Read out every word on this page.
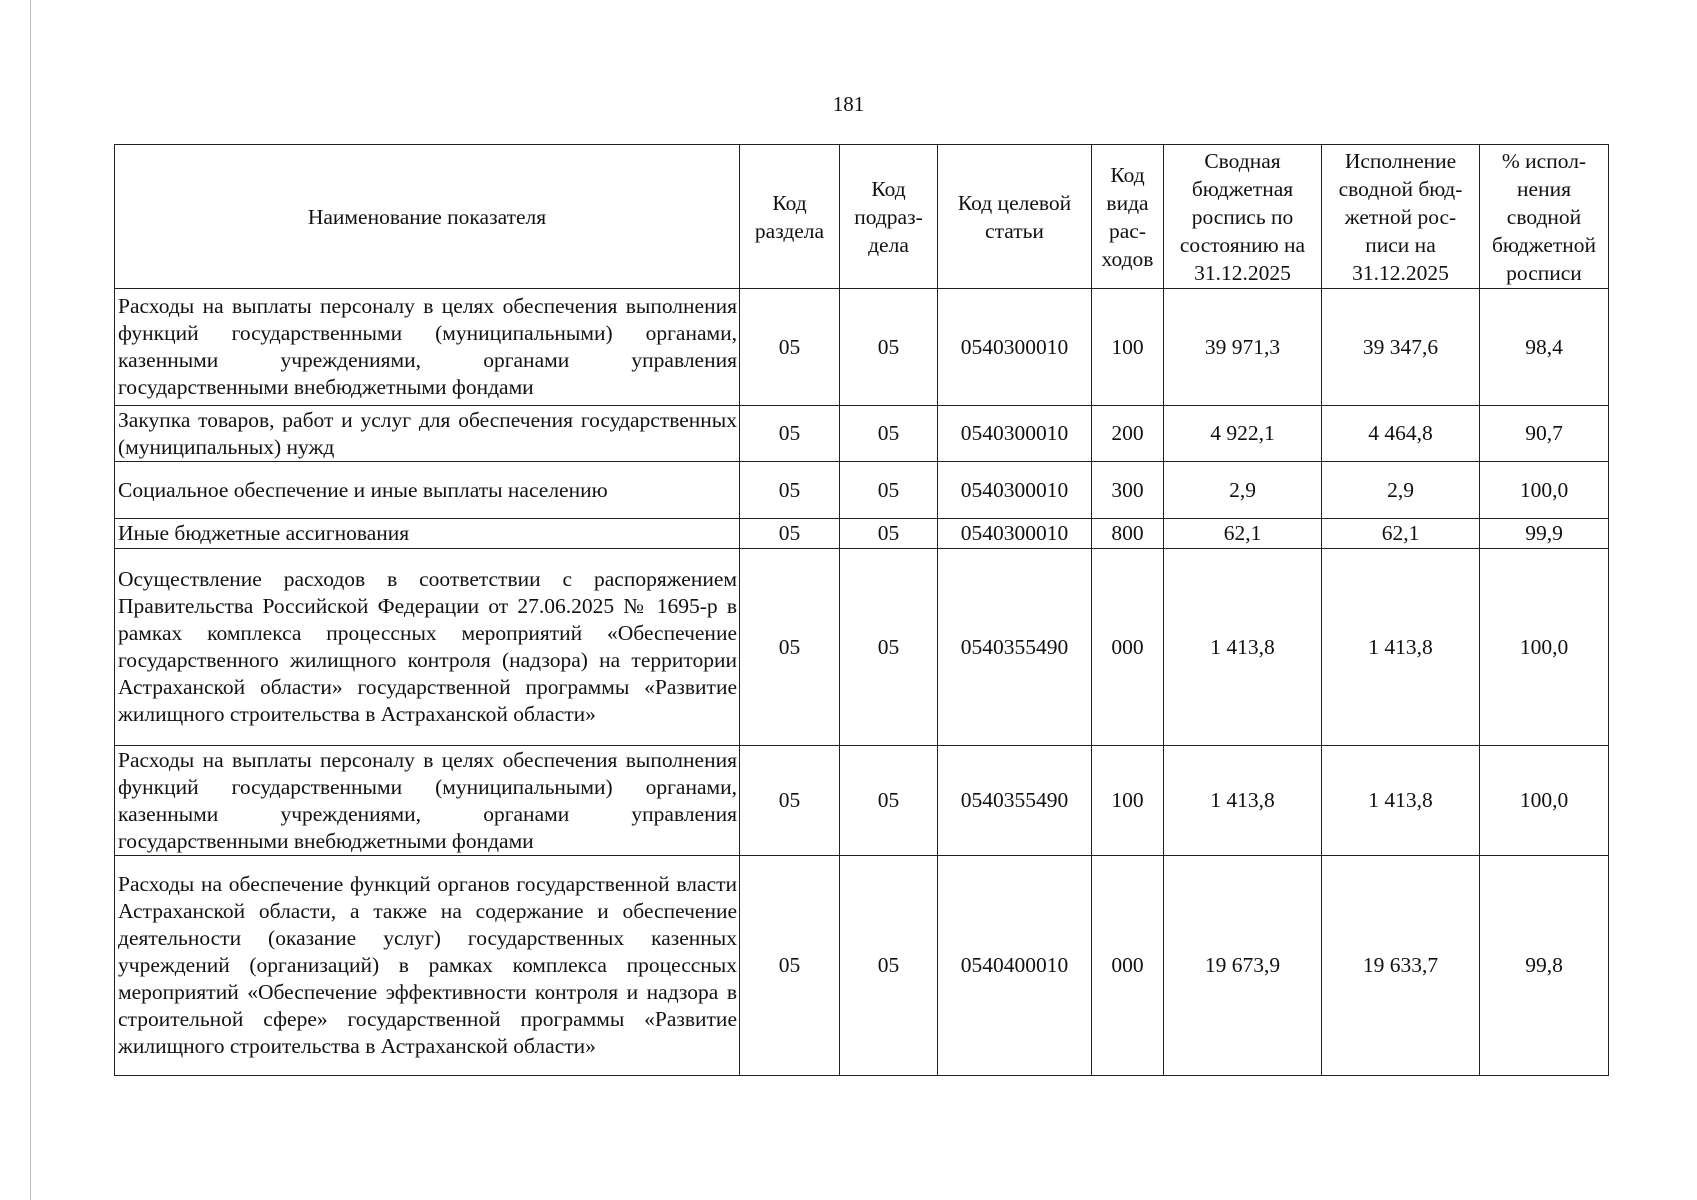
181
Наименование показателя	Код раздела	Код подраз- дела	Код целевой статьи	Код вида рас- ходов	Сводная бюджетная роспись по состоянию на 31.12.2025	Исполнение сводной бюд- жетной рос- писи на 31.12.2025	% испол- нения сводной бюджетной росписи
Расходы на выплаты персоналу в целях обеспечения выполнения функций государственными (муниципальными) органами, казенными учреждениями, органами управления государственными внебюджетными фондами	05	05	0540300010	100	39 971,3	39 347,6	98,4
Закупка товаров, работ и услуг для обеспечения государственных (муниципальных) нужд	05	05	0540300010	200	4 922,1	4 464,8	90,7
Социальное обеспечение и иные выплаты населению	05	05	0540300010	300	2,9	2,9	100,0
Иные бюджетные ассигнования	05	05	0540300010	800	62,1	62,1	99,9
Осуществление расходов в соответствии с распоряжением Правительства Российской Федерации от 27.06.2025 № 1695-р в рамках комплекса процессных мероприятий «Обеспечение государственного жилищного контроля (надзора) на территории Астраханской области» государственной программы «Развитие жилищного строительства в Астраханской области»	05	05	0540355490	000	1 413,8	1 413,8	100,0
Расходы на выплаты персоналу в целях обеспечения выполнения функций государственными (муниципальными) органами, казенными учреждениями, органами управления государственными внебюджетными фондами	05	05	0540355490	100	1 413,8	1 413,8	100,0
Расходы на обеспечение функций органов государственной власти Астраханской области, а также на содержание и обеспечение деятельности (оказание услуг) государственных казенных учреждений (организаций) в рамках комплекса процессных мероприятий «Обеспечение эффективности контроля и надзора в строительной сфере» государственной программы «Развитие жилищного строительства в Астраханской области»	05	05	0540400010	000	19 673,9	19 633,7	99,8
